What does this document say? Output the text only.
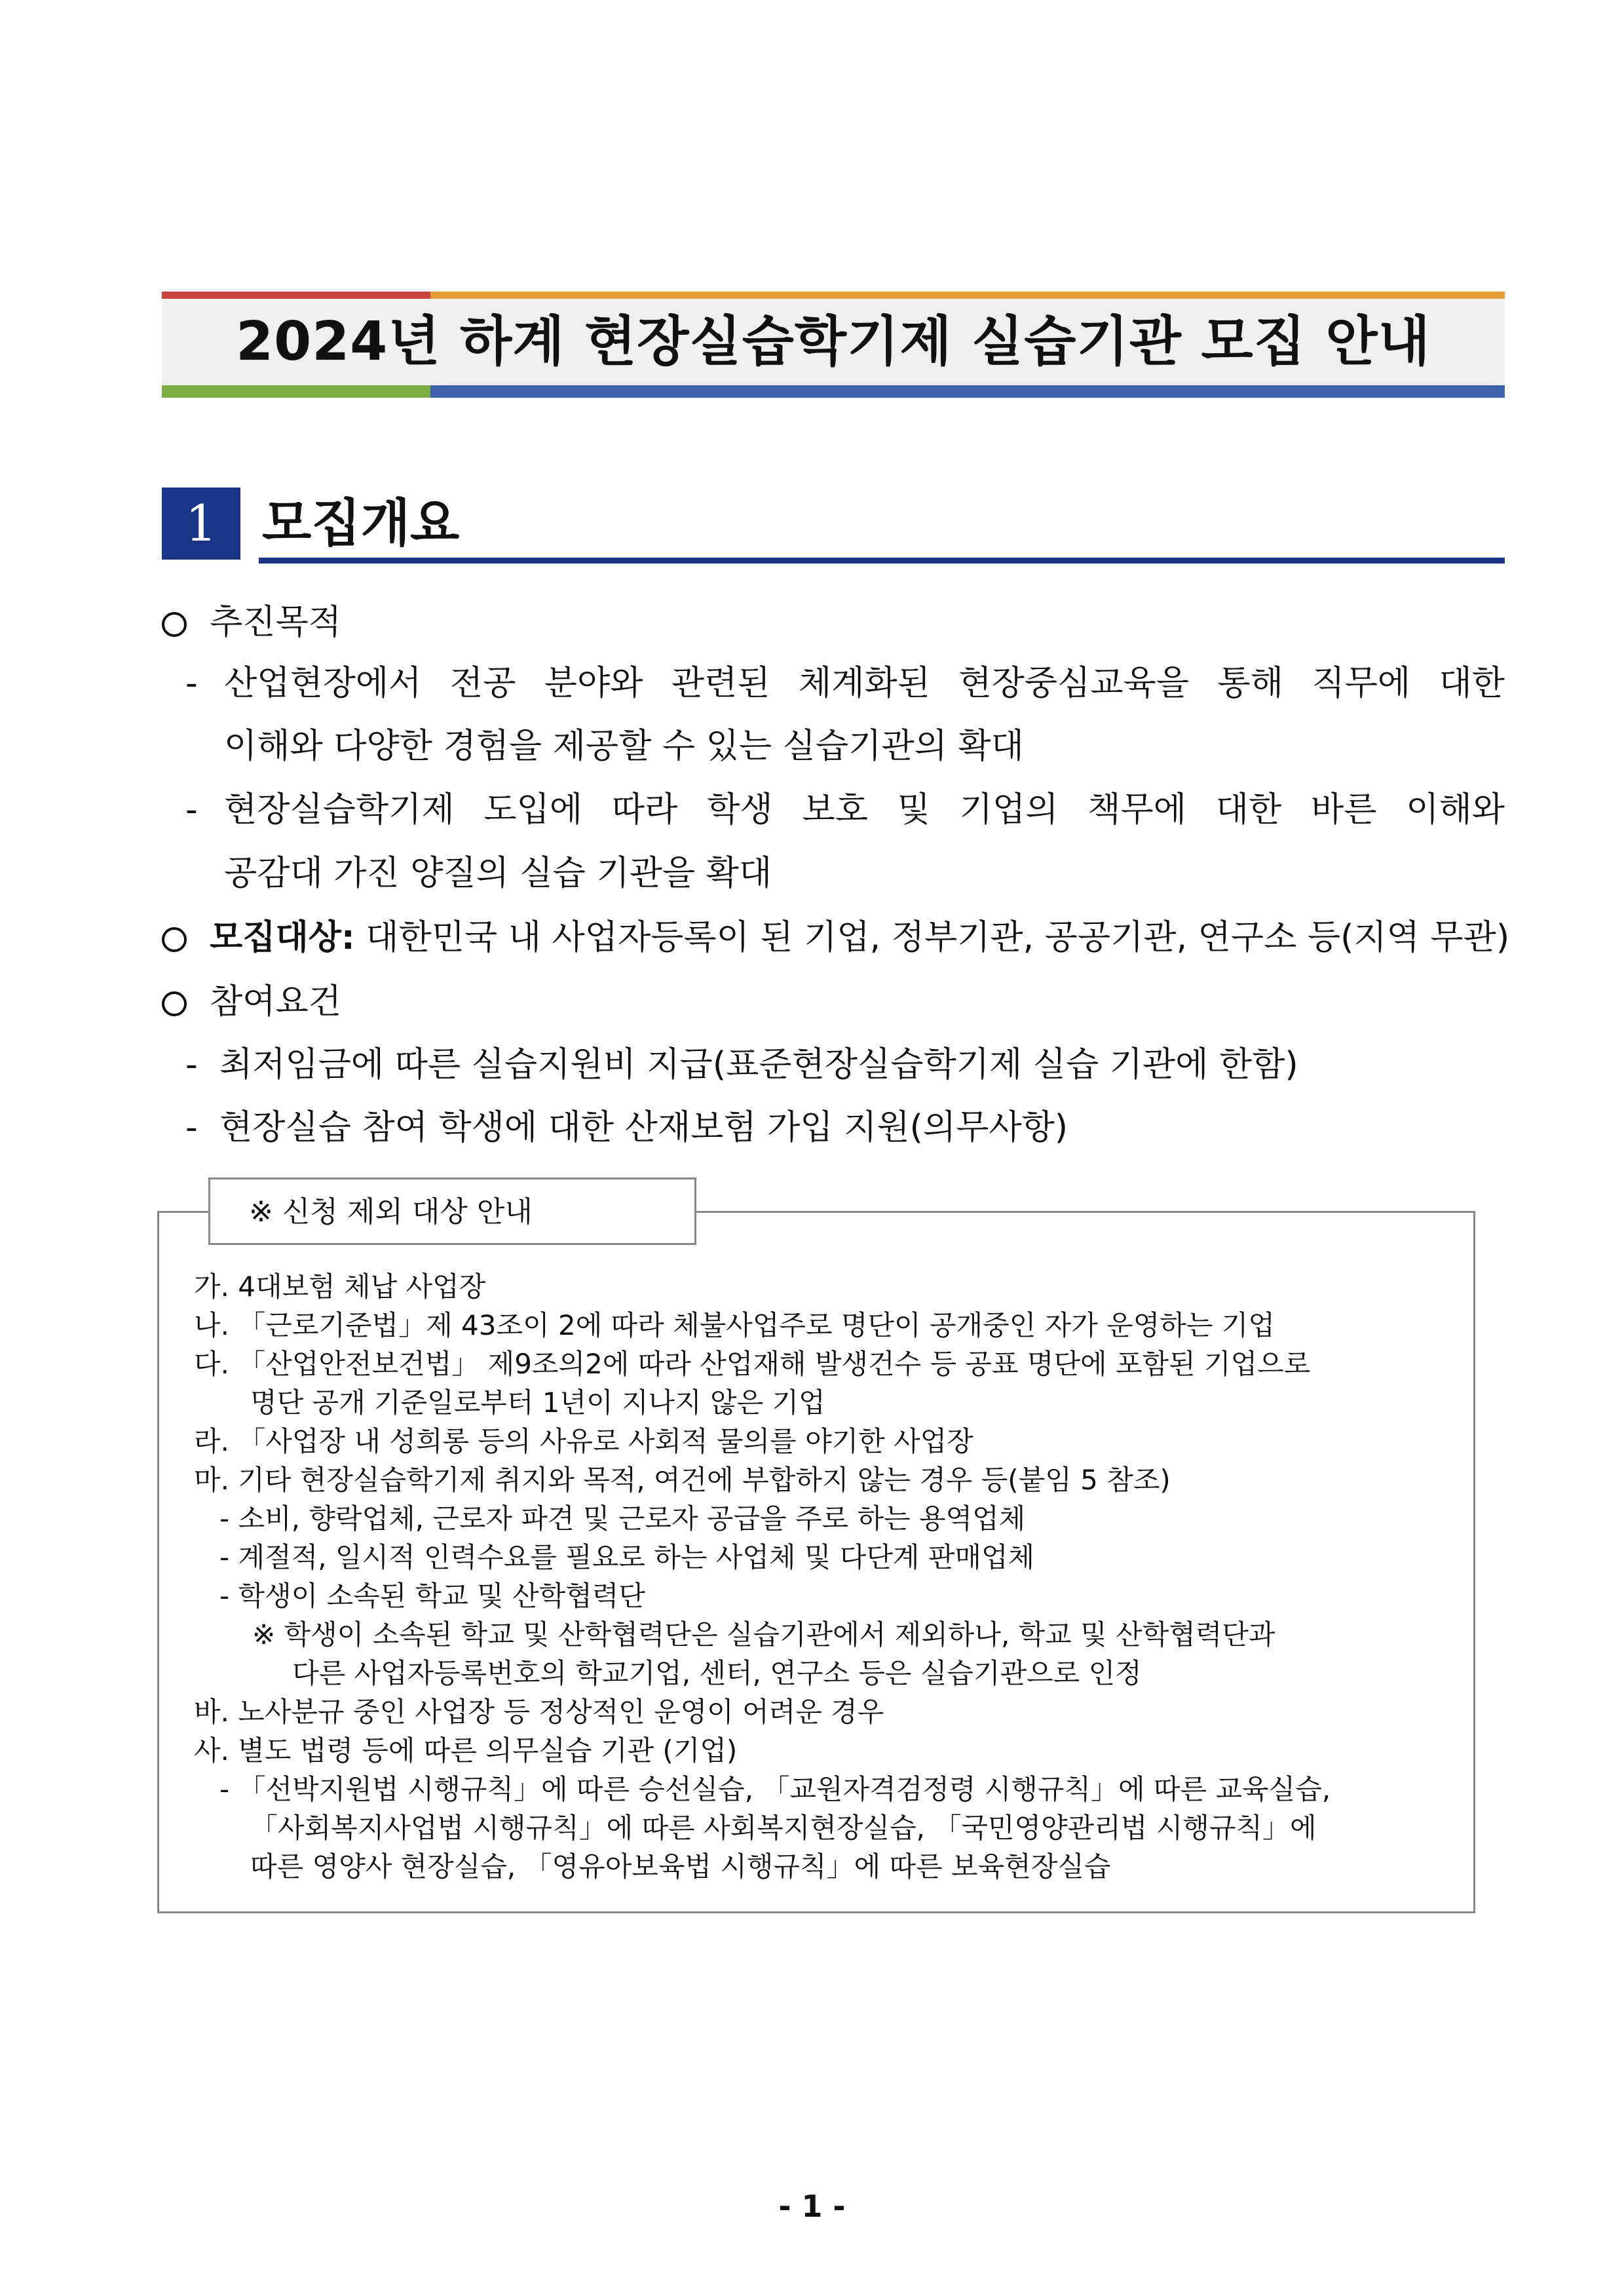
2024년 하계 현장실습학기제 실습기관 모집 안내
1 모집개요
추진목적
- 산업현장에서 전공 분야와 관련된 체계화된 현장중심교육을 통해 직무에 대한
이해와 다양한 경험을 제공할 수 있는 실습기관의 확대
- 현장실습학기제 도입에 따라 학생 보호 및 기업의 책무에 대한 바른 이해와
공감대 가진 양질의 실습 기관을 확대
모집대상: 대한민국 내 사업자등록이 된 기업, 정부기관, 공공기관, 연구소 등(지역 무관)
참여요건
- 최저임금에 따른 실습지원비 지급(표준현장실습학기제 실습 기관에 한함)
- 현장실습 참여 학생에 대한 산재보험 가입 지원(의무사항)
※ 신청 제외 대상 안내
가. 4대보험 체납 사업장
나. 「근로기준법」제 43조이 2에 따라 체불사업주로 명단이 공개중인 자가 운영하는 기업
다. 「산업안전보건법」 제9조의2에 따라 산업재해 발생건수 등 공표 명단에 포함된 기업으로
명단 공개 기준일로부터 1년이 지나지 않은 기업
라. 「사업장 내 성희롱 등의 사유로 사회적 물의를 야기한 사업장
마. 기타 현장실습학기제 취지와 목적, 여건에 부합하지 않는 경우 등(붙임 5 참조)
- 소비, 향락업체, 근로자 파견 및 근로자 공급을 주로 하는 용역업체
- 계절적, 일시적 인력수요를 필요로 하는 사업체 및 다단계 판매업체
- 학생이 소속된 학교 및 산학협력단
※ 학생이 소속된 학교 및 산학협력단은 실습기관에서 제외하나, 학교 및 산학협력단과
다른 사업자등록번호의 학교기업, 센터, 연구소 등은 실습기관으로 인정
바. 노사분규 중인 사업장 등 정상적인 운영이 어려운 경우
사. 별도 법령 등에 따른 의무실습 기관 (기업)
- 「선박지원법 시행규칙」에 따른 승선실습, 「교원자격검정령 시행규칙」에 따른 교육실습,
「사회복지사업법 시행규칙」에 따른 사회복지현장실습, 「국민영양관리법 시행규칙」에
따른 영양사 현장실습, 「영유아보육법 시행규칙」에 따른 보육현장실습
- 1 -
